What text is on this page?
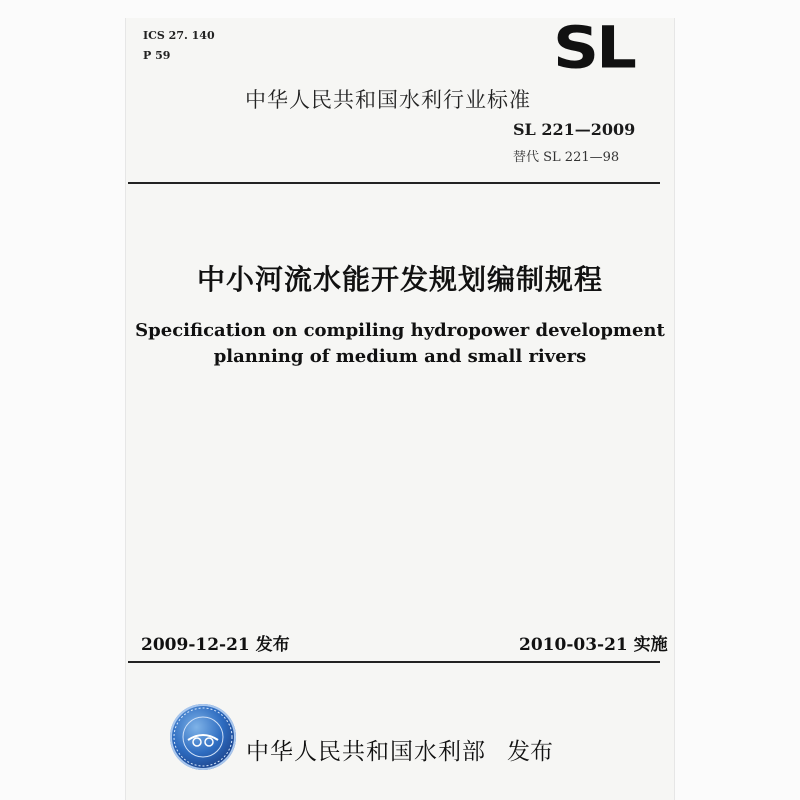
ICS 27. 140
P 59	SL
中华人民共和国水利行业标准
SL 221—2009
替代 SL 221—98
中小河流水能开发规划编制规程
Specification on compiling hydropower development
planning of medium and small rivers
2009-12-21 发布	2010-03-21 实施
中华人民共和国水利部 发布
